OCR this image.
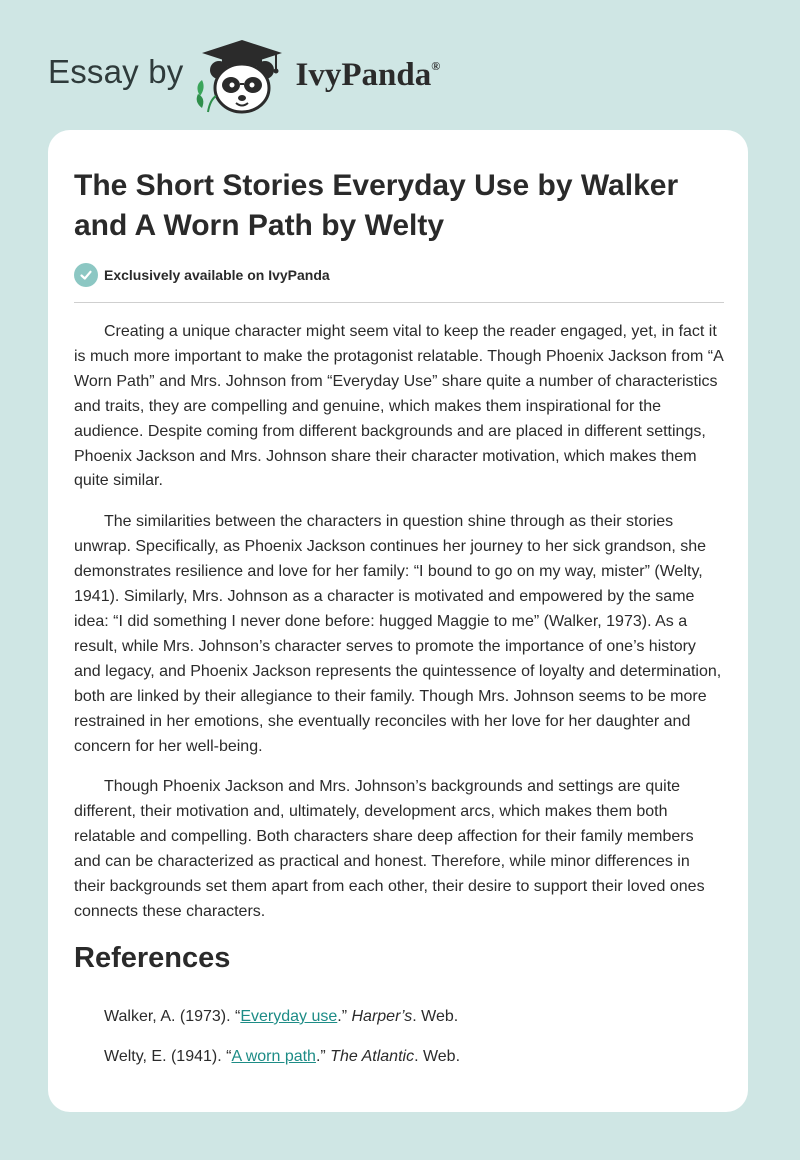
Essay by	IvyPanda®
The Short Stories Everyday Use by Walker and A Worn Path by Welty
Exclusively available on IvyPanda

Creating a unique character might seem vital to keep the reader engaged, yet, in fact it is much more important to make the protagonist relatable. Though Phoenix Jackson from “A Worn Path” and Mrs. Johnson from “Everyday Use” share quite a number of characteristics and traits, they are compelling and genuine, which makes them inspirational for the audience. Despite coming from different backgrounds and are placed in different settings, Phoenix Jackson and Mrs. Johnson share their character motivation, which makes them quite similar.

The similarities between the characters in question shine through as their stories unwrap. Specifically, as Phoenix Jackson continues her journey to her sick grandson, she demonstrates resilience and love for her family: “I bound to go on my way, mister” (Welty, 1941). Similarly, Mrs. Johnson as a character is motivated and empowered by the same idea: “I did something I never done before: hugged Maggie to me” (Walker, 1973). As a result, while Mrs. Johnson’s character serves to promote the importance of one’s history and legacy, and Phoenix Jackson represents the quintessence of loyalty and determination, both are linked by their allegiance to their family. Though Mrs. Johnson seems to be more restrained in her emotions, she eventually reconciles with her love for her daughter and concern for her well-being.

Though Phoenix Jackson and Mrs. Johnson’s backgrounds and settings are quite different, their motivation and, ultimately, development arcs, which makes them both relatable and compelling. Both characters share deep affection for their family members and can be characterized as practical and honest. Therefore, while minor differences in their backgrounds set them apart from each other, their desire to support their loved ones connects these characters.

References

Walker, A. (1973). “Everyday use.” Harper’s. Web.

Welty, E. (1941). “A worn path.” The Atlantic. Web.
